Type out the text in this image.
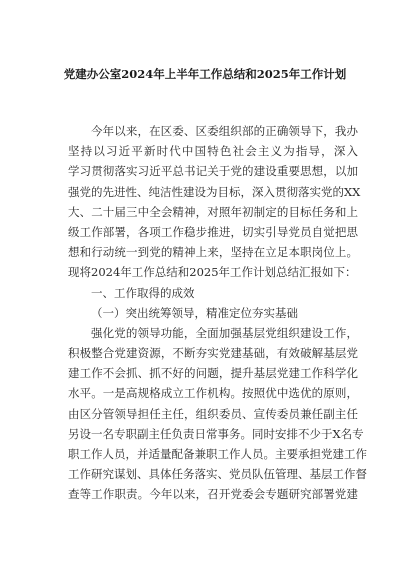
党建办公室2024年上半年工作总结和2025年工作计划
今年以来，在区委、区委组织部的正确领导下，我办
坚持以习近平新时代中国特色社会主义为指导，深入
学习贯彻落实习近平总书记关于党的建设重要思想，以加
强党的先进性、纯洁性建设为目标，深入贯彻落实党的XX
大、二十届三中全会精神，对照年初制定的目标任务和上
级工作部署，各项工作稳步推进，切实引导党员自觉把思
想和行动统一到党的精神上来，坚持在立足本职岗位上。
现将2024年工作总结和2025年工作计划总结汇报如下：
一、工作取得的成效
（一）突出统筹领导，精准定位夯实基础
强化党的领导功能，全面加强基层党组织建设工作，
积极整合党建资源，不断夯实党建基础，有效破解基层党
建工作不会抓、抓不好的问题，提升基层党建工作科学化
水平。一是高规格成立工作机构。按照优中选优的原则，
由区分管领导担任主任，组织委员、宣传委员兼任副主任
另设一名专职副主任负责日常事务。同时安排不少于X名专
职工作人员，并适量配备兼职工作人员。主要承担党建工作
工作研究谋划、具体任务落实、党员队伍管理、基层工作督
查等工作职责。今年以来，召开党委会专题研究部署党建
